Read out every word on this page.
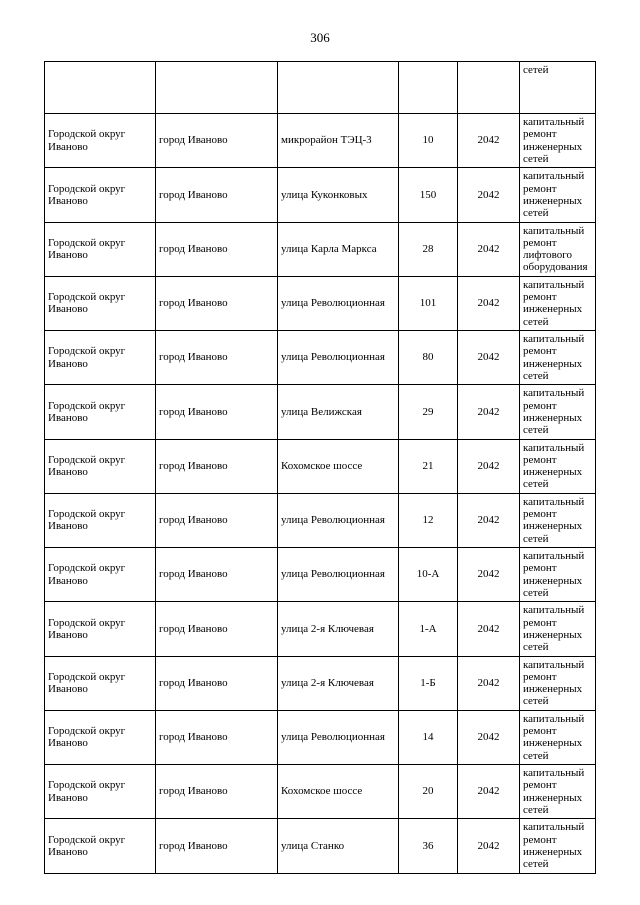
306
					сетей
Городской округ Иваново	город Иваново	микрорайон ТЭЦ-3	10	2042	капитальный ремонт инженерных сетей
Городской округ Иваново	город Иваново	улица Куконковых	150	2042	капитальный ремонт инженерных сетей
Городской округ Иваново	город Иваново	улица Карла Маркса	28	2042	капитальный ремонт лифтового оборудования
Городской округ Иваново	город Иваново	улица Революционная	101	2042	капитальный ремонт инженерных сетей
Городской округ Иваново	город Иваново	улица Революционная	80	2042	капитальный ремонт инженерных сетей
Городской округ Иваново	город Иваново	улица Велижская	29	2042	капитальный ремонт инженерных сетей
Городской округ Иваново	город Иваново	Кохомское шоссе	21	2042	капитальный ремонт инженерных сетей
Городской округ Иваново	город Иваново	улица Революционная	12	2042	капитальный ремонт инженерных сетей
Городской округ Иваново	город Иваново	улица Революционная	10-А	2042	капитальный ремонт инженерных сетей
Городской округ Иваново	город Иваново	улица 2-я Ключевая	1-А	2042	капитальный ремонт инженерных сетей
Городской округ Иваново	город Иваново	улица 2-я Ключевая	1-Б	2042	капитальный ремонт инженерных сетей
Городской округ Иваново	город Иваново	улица Революционная	14	2042	капитальный ремонт инженерных сетей
Городской округ Иваново	город Иваново	Кохомское шоссе	20	2042	капитальный ремонт инженерных сетей
Городской округ Иваново	город Иваново	улица Станко	36	2042	капитальный ремонт инженерных сетей
